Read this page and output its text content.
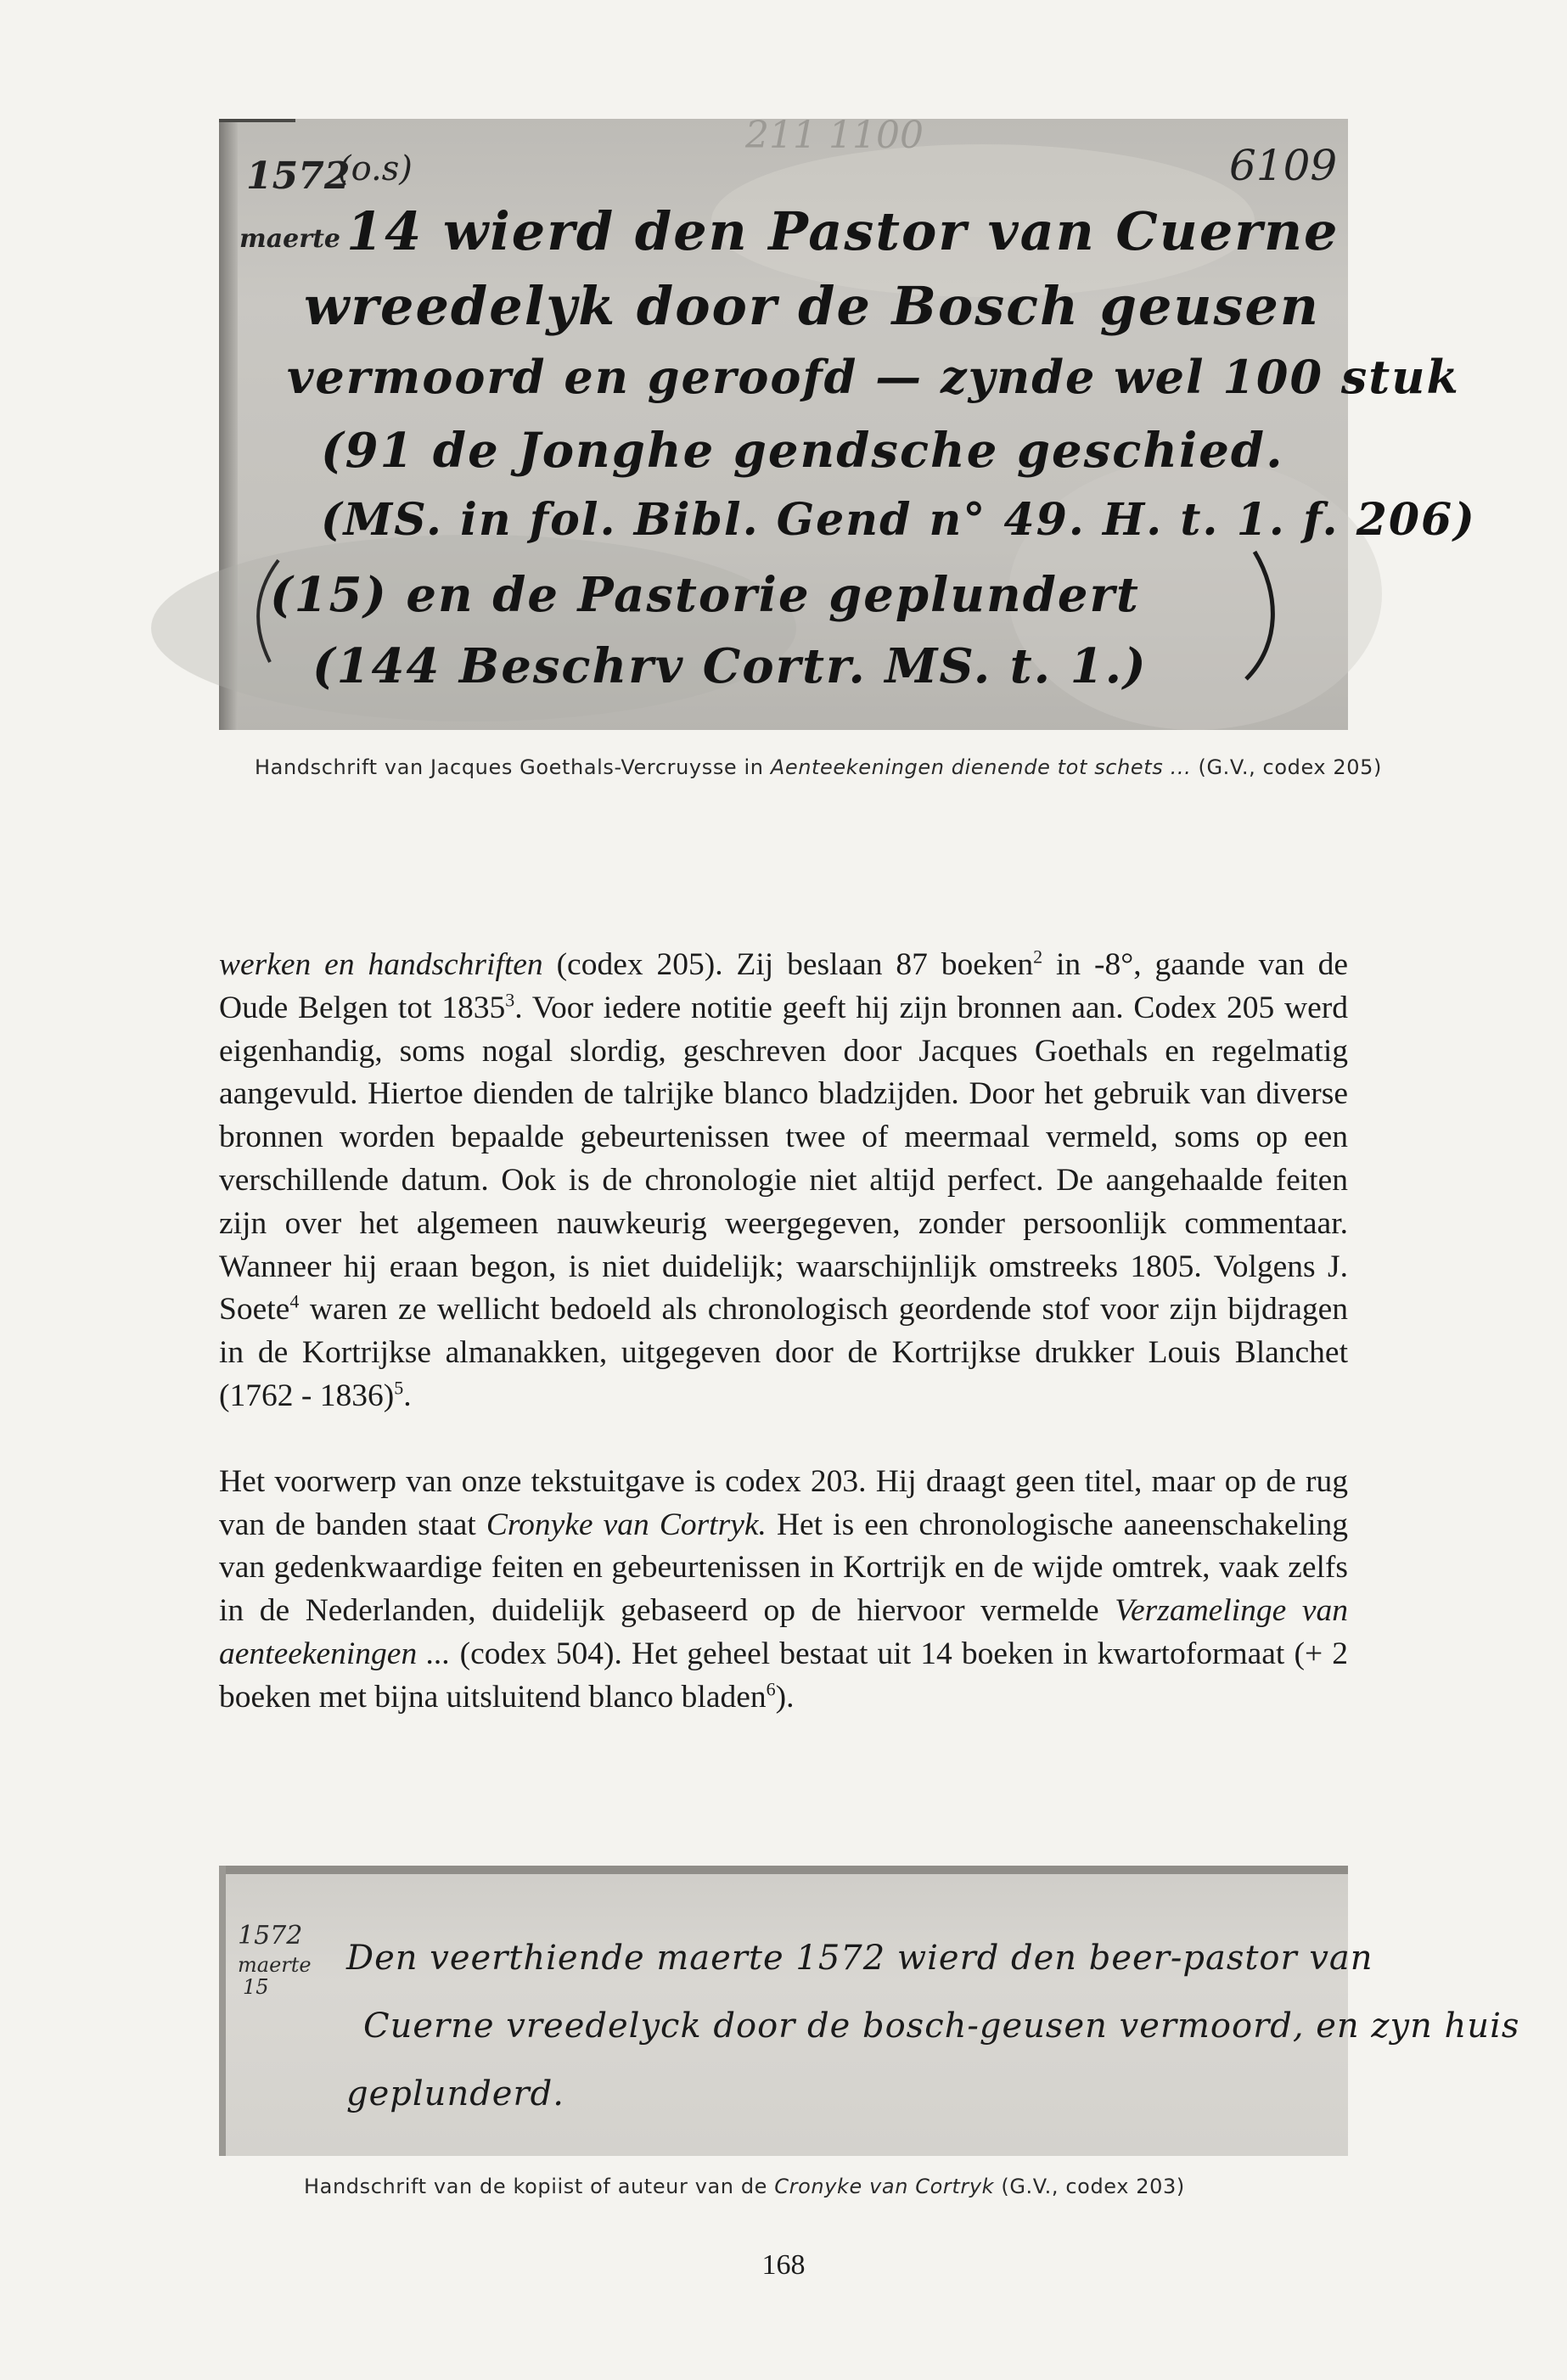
211 1100
1572
(o.s)
maerte
6109
14 wierd den Pastor van Cuerne
wreedelyk door de Bosch geusen
vermoord en geroofd — zynde wel 100 stuk
(91 de Jonghe gendsche geschied.
(MS. in fol. Bibl. Gend n° 49. H. t. 1. f. 206)
(15) en de Pastorie geplundert
(144 Beschrv Cortr. MS. t. 1.)
Handschrift van Jacques Goethals-Vercruysse in Aenteekeningen dienende tot schets ... (G.V., codex 205)

werken en handschriften (codex 205). Zij beslaan 87 boeken$^2$ in -8°, gaande van de Oude Belgen tot 1835$^3$. Voor iedere notitie geeft hij zijn bronnen aan. Codex 205 werd eigenhandig, soms nogal slordig, geschreven door Jacques Goethals en regelmatig aangevuld. Hiertoe dienden de talrijke blanco bladzijden. Door het gebruik van diverse bronnen worden bepaalde gebeurtenissen twee of meermaal vermeld, soms op een verschillende datum. Ook is de chronologie niet altijd perfect. De aangehaalde feiten zijn over het algemeen nauwkeurig weergegeven, zonder persoonlijk commentaar. Wanneer hij eraan begon, is niet duidelijk; waarschijnlijk omstreeks 1805. Volgens J. Soete$^4$ waren ze wellicht bedoeld als chronologisch geordende stof voor zijn bijdragen in de Kortrijkse almanakken, uitgegeven door de Kortrijkse drukker Louis Blanchet (1762 - 1836)$^5$.

Het voorwerp van onze tekstuitgave is codex 203. Hij draagt geen titel, maar op de rug van de banden staat Cronyke van Cortryk. Het is een chronologische aaneenschakeling van gedenkwaardige feiten en gebeurtenissen in Kortrijk en de wijde omtrek, vaak zelfs in de Nederlanden, duidelijk gebaseerd op de hiervoor vermelde Verzamelinge van aenteekeningen ... (codex 504). Het geheel bestaat uit 14 boeken in kwartoformaat (+ 2 boeken met bijna uitsluitend blanco bladen$^6$).

1572
maerte
15
Den veerthiende maerte 1572 wierd den beer-pastor van
Cuerne vreedelyck door de bosch-geusen vermoord, en zyn huis
geplunderd.
Handschrift van de kopiist of auteur van de Cronyke van Cortryk (G.V., codex 203)
168
